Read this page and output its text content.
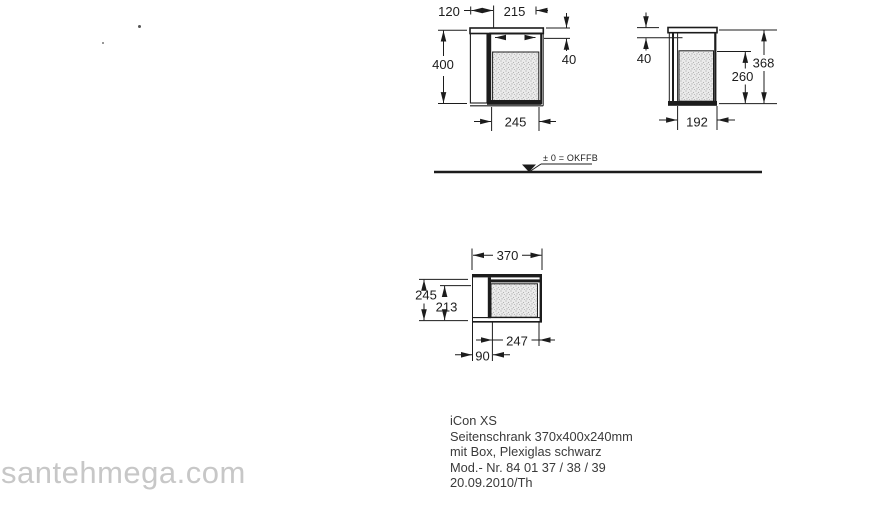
120	215
400	40
245
40	368
260
192
± 0 = OKFFB
370
245
213
247
90
iCon XS
Seitenschrank 370x400x240mm
mit Box, Plexiglas schwarz
Mod.- Nr. 84 01 37 / 38 / 39
20.09.2010/Th
santehmega.com
